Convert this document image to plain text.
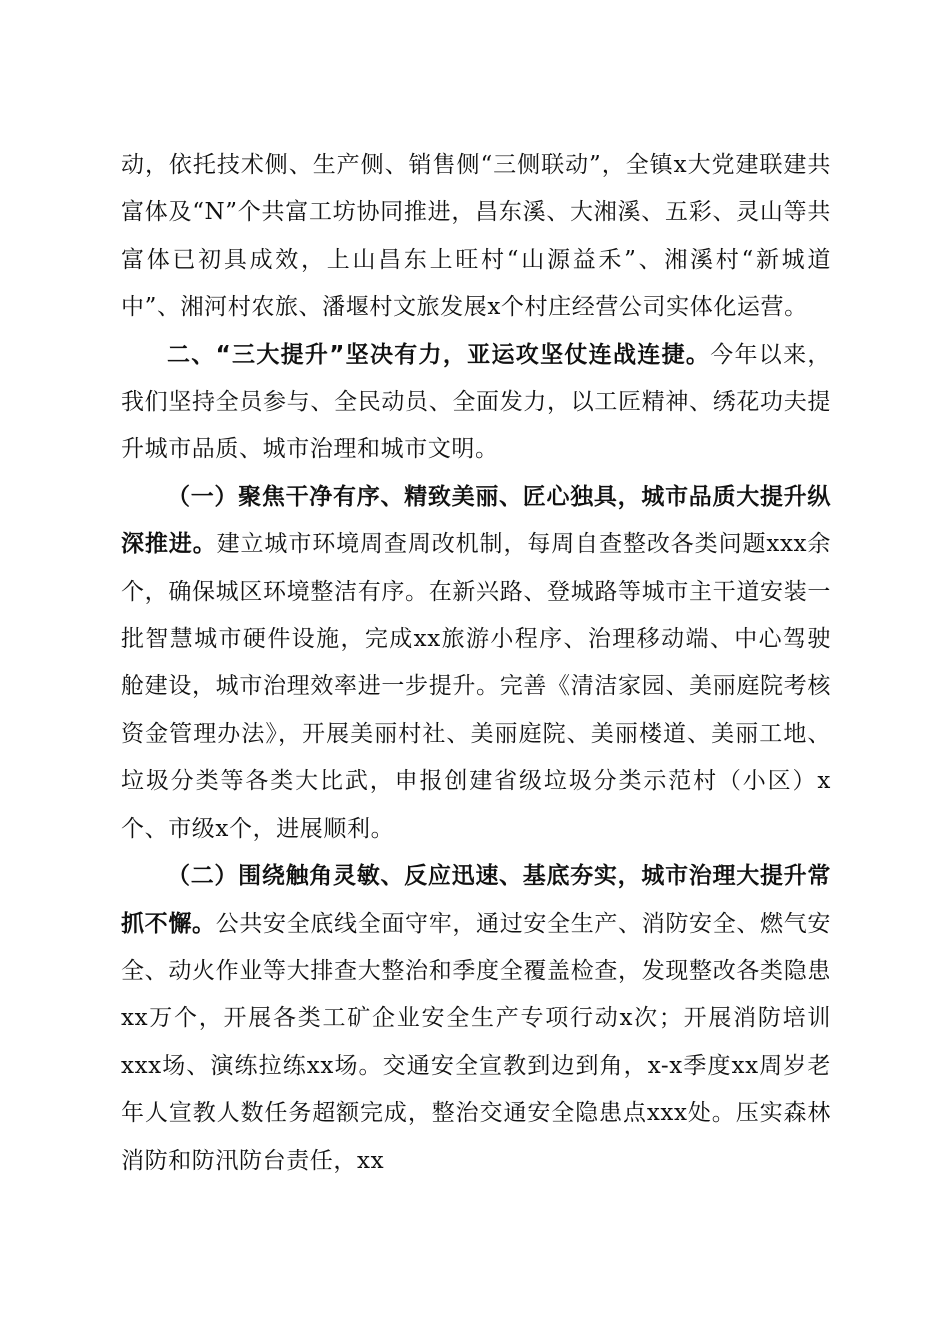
动，依托技术侧、生产侧、销售侧“三侧联动”，全镇x大党建联建共富体及“N”个共富工坊协同推进，昌东溪、大湘溪、五彩、灵山等共富体已初具成效，上山昌东上旺村“山源益禾”、湘溪村“新城道中”、湘河村农旅、潘堰村文旅发展x个村庄经营公司实体化运营。

二、“三大提升”坚决有力，亚运攻坚仗连战连捷。今年以来，我们坚持全员参与、全民动员、全面发力，以工匠精神、绣花功夫提升城市品质、城市治理和城市文明。

（一）聚焦干净有序、精致美丽、匠心独具，城市品质大提升纵深推进。建立城市环境周查周改机制，每周自查整改各类问题xxx余个，确保城区环境整洁有序。在新兴路、登城路等城市主干道安装一批智慧城市硬件设施，完成xx旅游小程序、治理移动端、中心驾驶舱建设，城市治理效率进一步提升。完善《清洁家园、美丽庭院考核资金管理办法》，开展美丽村社、美丽庭院、美丽楼道、美丽工地、垃圾分类等各类大比武，申报创建省级垃圾分类示范村（小区）x个、市级x个，进展顺利。

（二）围绕触角灵敏、反应迅速、基底夯实，城市治理大提升常抓不懈。公共安全底线全面守牢，通过安全生产、消防安全、燃气安全、动火作业等大排查大整治和季度全覆盖检查，发现整改各类隐患xx万个，开展各类工矿企业安全生产专项行动x次；开展消防培训xxx场、演练拉练xx场。交通安全宣教到边到角，x-x季度xx周岁老年人宣教人数任务超额完成，整治交通安全隐患点xxx处。压实森林消防和防汛防台责任，xx
